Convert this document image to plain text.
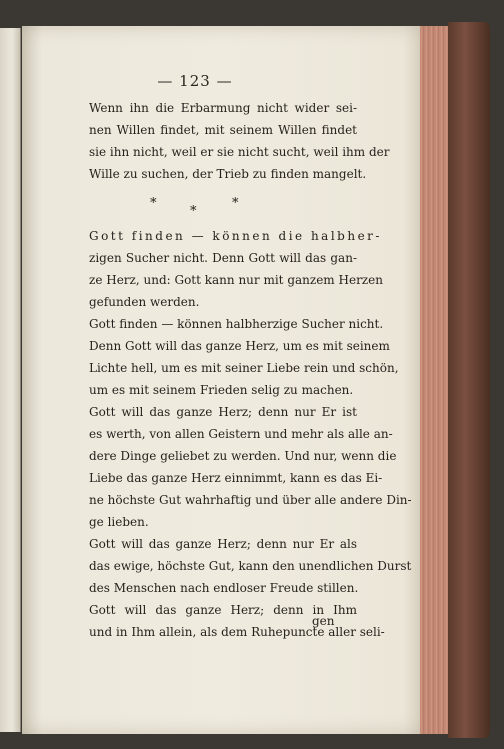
— 123 —
Wenn ihn die Erbarmung nicht wider sei-
nen Willen findet, mit seinem Willen findet
sie ihn nicht, weil er sie nicht sucht, weil ihm der
Wille zu suchen, der Trieb zu finden mangelt.
Gott finden — können die halbher-
zigen Sucher nicht. Denn Gott will das gan-
ze Herz, und: Gott kann nur mit ganzem Herzen
gefunden werden.
Gott finden — können halbherzige Sucher nicht.
Denn Gott will das ganze Herz, um es mit seinem
Lichte hell, um es mit seiner Liebe rein und schön,
um es mit seinem Frieden selig zu machen.
Gott will das ganze Herz; denn nur Er ist
es werth, von allen Geistern und mehr als alle an-
dere Dinge geliebet zu werden. Und nur, wenn die
Liebe das ganze Herz einnimmt, kann es das Ei-
ne höchste Gut wahrhaftig und über alle andere Din-
ge lieben.
Gott will das ganze Herz; denn nur Er als
das ewige, höchste Gut, kann den unendlichen Durst
des Menschen nach endloser Freude stillen.
Gott will das ganze Herz; denn in Ihm
und in Ihm allein, als dem Ruhepuncte aller seli-
*
*
*
gen
